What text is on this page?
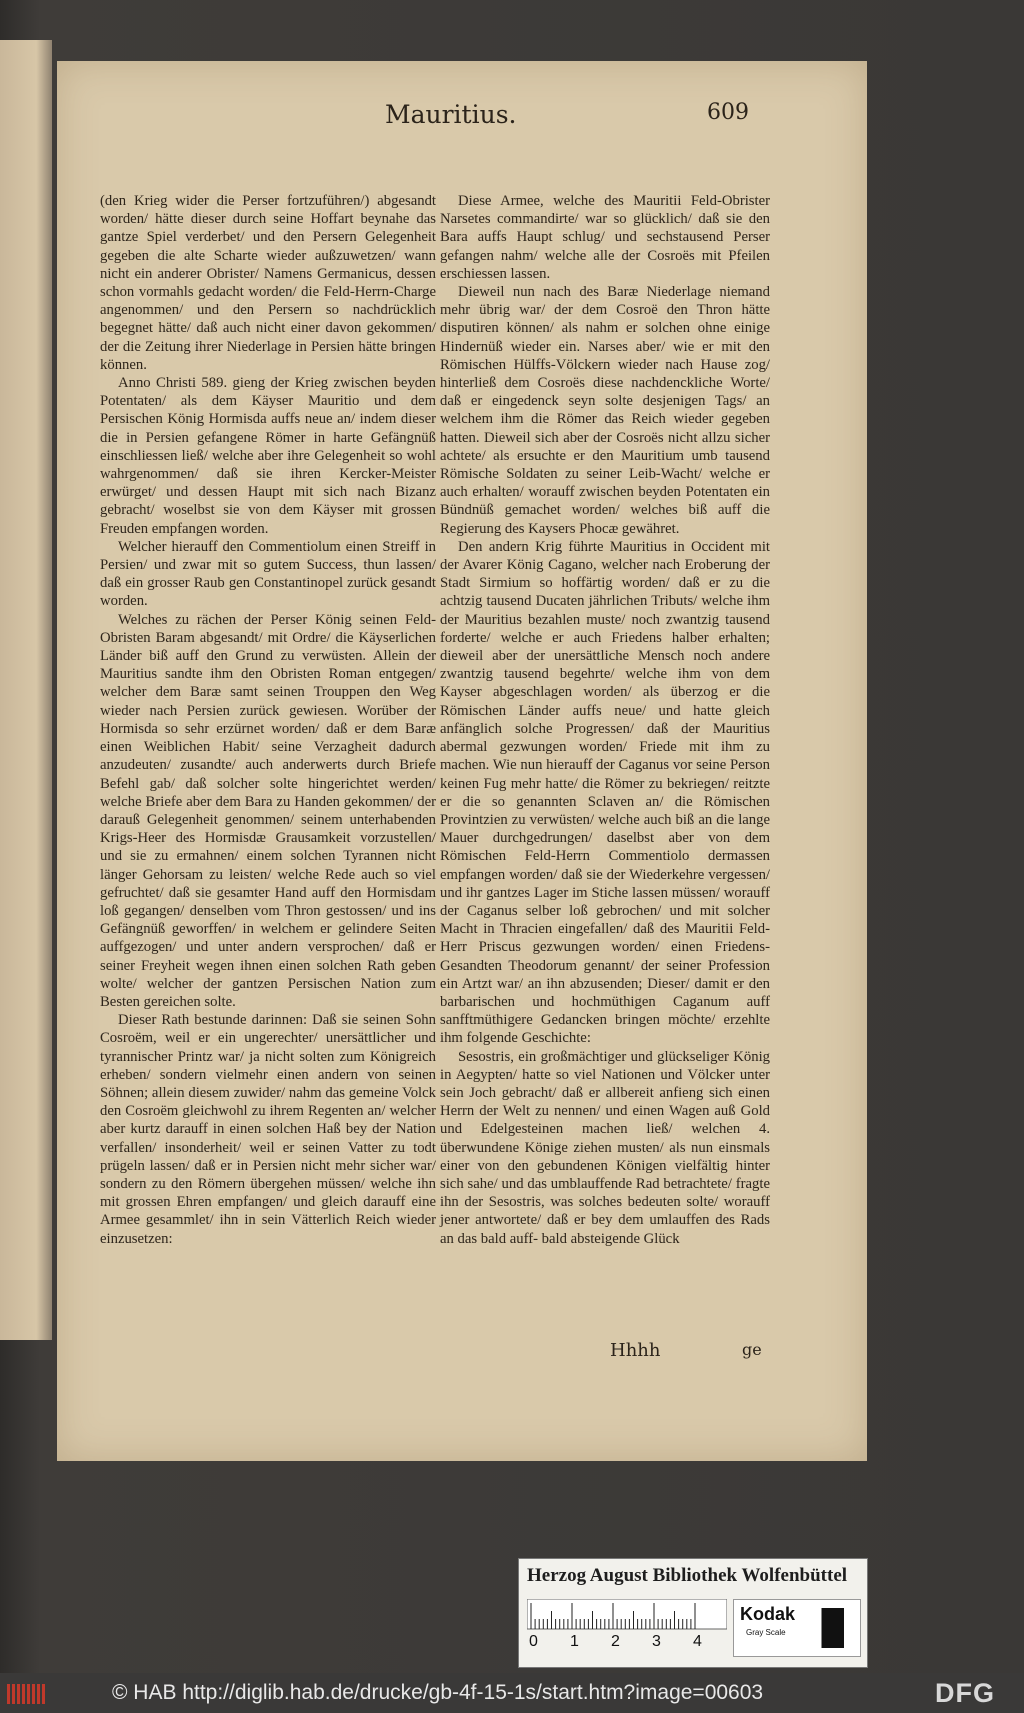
Mauritius.	609

(den Krieg wider die Perser fortzuführen/) abgesandt worden/ hätte dieser durch seine Hoffart beynahe das gantze Spiel verderbet/ und den Persern Gelegenheit gegeben die alte Scharte wieder außzuwetzen/ wann nicht ein anderer Obrister/ Namens Germanicus, dessen schon vormahls gedacht worden/ die Feld-Herrn-Charge angenommen/ und den Persern so nachdrücklich begegnet hätte/ daß auch nicht einer davon gekommen/ der die Zeitung ihrer Niederlage in Persien hätte bringen können.

Anno Christi 589. gieng der Krieg zwischen beyden Potentaten/ als dem Käyser Mauritio und dem Persischen König Hormisda auffs neue an/ indem dieser die in Persien gefangene Römer in harte Gefängnüß einschliessen ließ/ welche aber ihre Gelegenheit so wohl wahrgenommen/ daß sie ihren Kercker-Meister erwürget/ und dessen Haupt mit sich nach Bizanz gebracht/ woselbst sie von dem Käyser mit grossen Freuden empfangen worden.

Welcher hierauff den Commentiolum einen Streiff in Persien/ und zwar mit so gutem Success, thun lassen/ daß ein grosser Raub gen Constantinopel zurück gesandt worden.

Welches zu rächen der Perser König seinen Feld-Obristen Baram abgesandt/ mit Ordre/ die Käyserlichen Länder biß auff den Grund zu verwüsten. Allein der Mauritius sandte ihm den Obristen Roman entgegen/ welcher dem Baræ samt seinen Trouppen den Weg wieder nach Persien zurück gewiesen. Worüber der Hormisda so sehr erzürnet worden/ daß er dem Baræ einen Weiblichen Habit/ seine Verzagheit dadurch anzudeuten/ zusandte/ auch anderwerts durch Briefe Befehl gab/ daß solcher solte hingerichtet werden/ welche Briefe aber dem Bara zu Handen gekommen/ der darauß Gelegenheit genommen/ seinem unterhabenden Krigs-Heer des Hormisdæ Grausamkeit vorzustellen/ und sie zu ermahnen/ einem solchen Tyrannen nicht länger Gehorsam zu leisten/ welche Rede auch so viel gefruchtet/ daß sie gesamter Hand auff den Hormisdam loß gegangen/ denselben vom Thron gestossen/ und ins Gefängnüß geworffen/ in welchem er gelindere Seiten auffgezogen/ und unter andern versprochen/ daß er seiner Freyheit wegen ihnen einen solchen Rath geben wolte/ welcher der gantzen Persischen Nation zum Besten gereichen solte.

Dieser Rath bestunde darinnen: Daß sie seinen Sohn Cosroëm, weil er ein ungerechter/ unersättlicher und tyrannischer Printz war/ ja nicht solten zum Königreich erheben/ sondern vielmehr einen andern von seinen Söhnen; allein diesem zuwider/ nahm das gemeine Volck den Cosroëm gleichwohl zu ihrem Regenten an/ welcher aber kurtz darauff in einen solchen Haß bey der Nation verfallen/ insonderheit/ weil er seinen Vatter zu todt prügeln lassen/ daß er in Persien nicht mehr sicher war/ sondern zu den Römern übergehen müssen/ welche ihn mit grossen Ehren empfangen/ und gleich darauff eine Armee gesammlet/ ihn in sein Vätterlich Reich wieder einzusetzen:

Diese Armee, welche des Mauritii Feld-Obrister Narsetes commandirte/ war so glücklich/ daß sie den Bara auffs Haupt schlug/ und sechstausend Perser gefangen nahm/ welche alle der Cosroës mit Pfeilen erschiessen lassen.

Dieweil nun nach des Baræ Niederlage niemand mehr übrig war/ der dem Cosroë den Thron hätte disputiren können/ als nahm er solchen ohne einige Hindernüß wieder ein. Narses aber/ wie er mit den Römischen Hülffs-Völckern wieder nach Hause zog/ hinterließ dem Cosroës diese nachdenckliche Worte/ daß er eingedenck seyn solte desjenigen Tags/ an welchem ihm die Römer das Reich wieder gegeben hatten. Dieweil sich aber der Cosroës nicht allzu sicher achtete/ als ersuchte er den Mauritium umb tausend Römische Soldaten zu seiner Leib-Wacht/ welche er auch erhalten/ worauff zwischen beyden Potentaten ein Bündnüß gemachet worden/ welches biß auff die Regierung des Kaysers Phocæ gewähret.

Den andern Krig führte Mauritius in Occident mit der Avarer König Cagano, welcher nach Eroberung der Stadt Sirmium so hoffärtig worden/ daß er zu die achtzig tausend Ducaten jährlichen Tributs/ welche ihm der Mauritius bezahlen muste/ noch zwantzig tausend forderte/ welche er auch Friedens halber erhalten; dieweil aber der unersättliche Mensch noch andere zwantzig tausend begehrte/ welche ihm von dem Kayser abgeschlagen worden/ als überzog er die Römischen Länder auffs neue/ und hatte gleich anfänglich solche Progressen/ daß der Mauritius abermal gezwungen worden/ Friede mit ihm zu machen. Wie nun hierauff der Caganus vor seine Person keinen Fug mehr hatte/ die Römer zu bekriegen/ reitzte er die so genannten Sclaven an/ die Römischen Provintzien zu verwüsten/ welche auch biß an die lange Mauer durchgedrungen/ daselbst aber von dem Römischen Feld-Herrn Commentiolo dermassen empfangen worden/ daß sie der Wiederkehre vergessen/ und ihr gantzes Lager im Stiche lassen müssen/ worauff der Caganus selber loß gebrochen/ und mit solcher Macht in Thracien eingefallen/ daß des Mauritii Feld-Herr Priscus gezwungen worden/ einen Friedens-Gesandten Theodorum genannt/ der seiner Profession ein Artzt war/ an ihn abzusenden; Dieser/ damit er den barbarischen und hochmüthigen Caganum auff sanfftmüthigere Gedancken bringen möchte/ erzehlte ihm folgende Geschichte:

Sesostris, ein großmächtiger und glückseliger König in Aegypten/ hatte so viel Nationen und Völcker unter sein Joch gebracht/ daß er allbereit anfieng sich einen Herrn der Welt zu nennen/ und einen Wagen auß Gold und Edelgesteinen machen ließ/ welchen 4. überwundene Könige ziehen musten/ als nun einsmals einer von den gebundenen Königen vielfältig hinter sich sahe/ und das umblauffende Rad betrachtete/ fragte ihn der Sesostris, was solches bedeuten solte/ worauff jener antwortete/ daß er bey dem umlauffen des Rads an das bald auff- bald absteigende Glück

Hhhh	ge
Herzog August Bibliothek Wolfenbüttel
0 1 2 3 4
Kodak
Gray Scale
© HAB http://diglib.hab.de/drucke/gb-4f-15-1s/start.htm?image=00603	DFG
